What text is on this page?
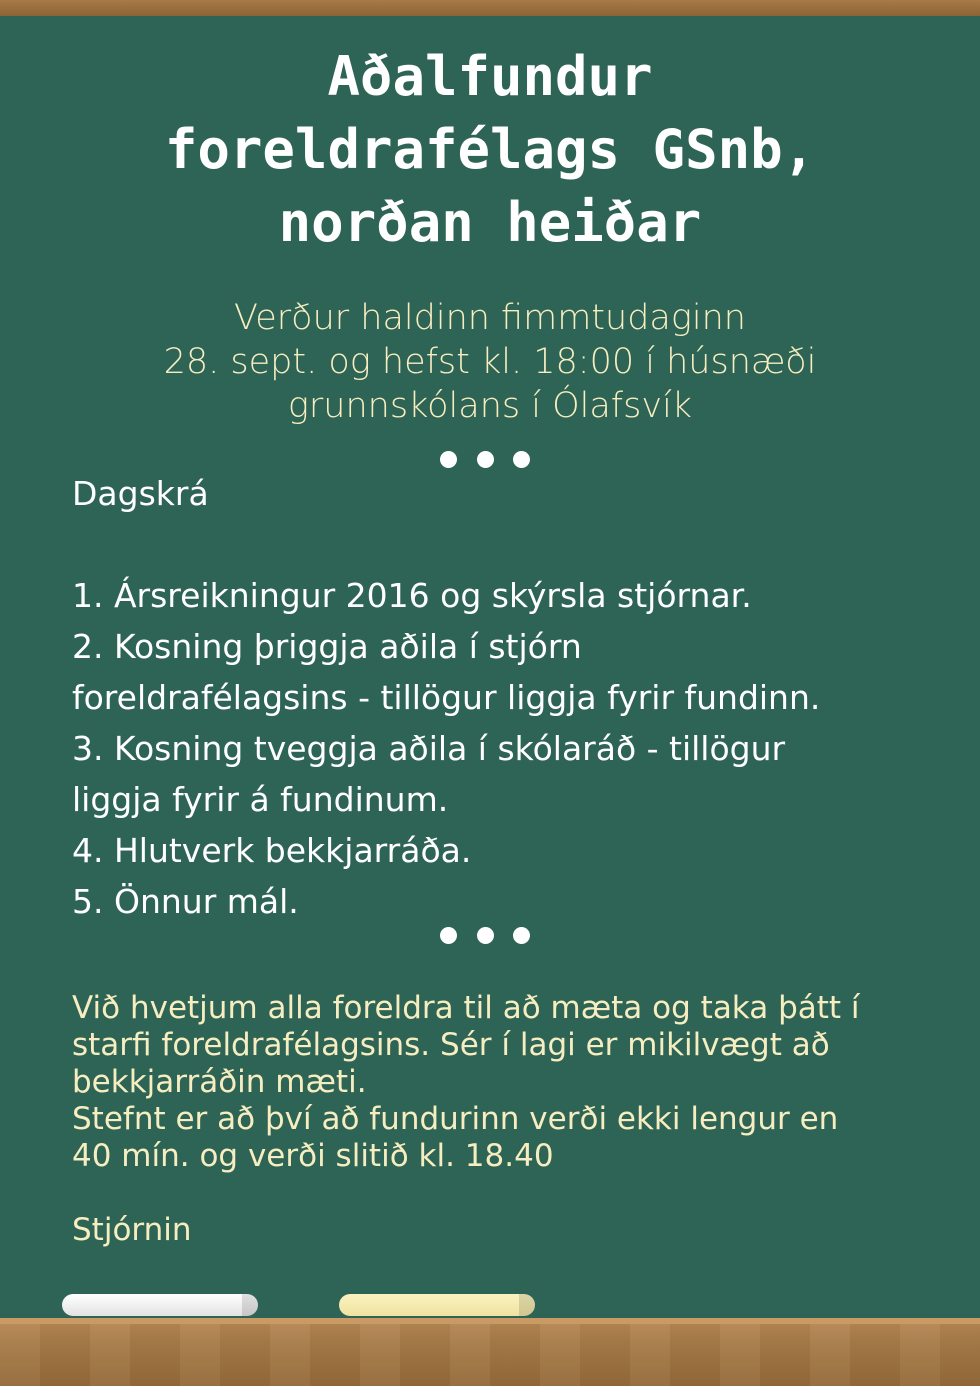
Aðalfundur
foreldrafélags GSnb,
norðan heiðar
Verður haldinn fimmtudaginn
28. sept. og hefst kl. 18:00 í húsnæði
grunnskólans í Ólafsvík
Dagskrá
1. Ársreikningur 2016 og skýrsla stjórnar.
2. Kosning þriggja aðila í stjórn
foreldrafélagsins - tillögur liggja fyrir fundinn.
3. Kosning tveggja aðila í skólaráð - tillögur
liggja fyrir á fundinum.
4. Hlutverk bekkjarráða.
5. Önnur mál.
Við hvetjum alla foreldra til að mæta og taka þátt í
starfi foreldrafélagsins. Sér í lagi er mikilvægt að
bekkjarráðin mæti.
Stefnt er að því að fundurinn verði ekki lengur en
40 mín. og verði slitið kl. 18.40
Stjórnin
